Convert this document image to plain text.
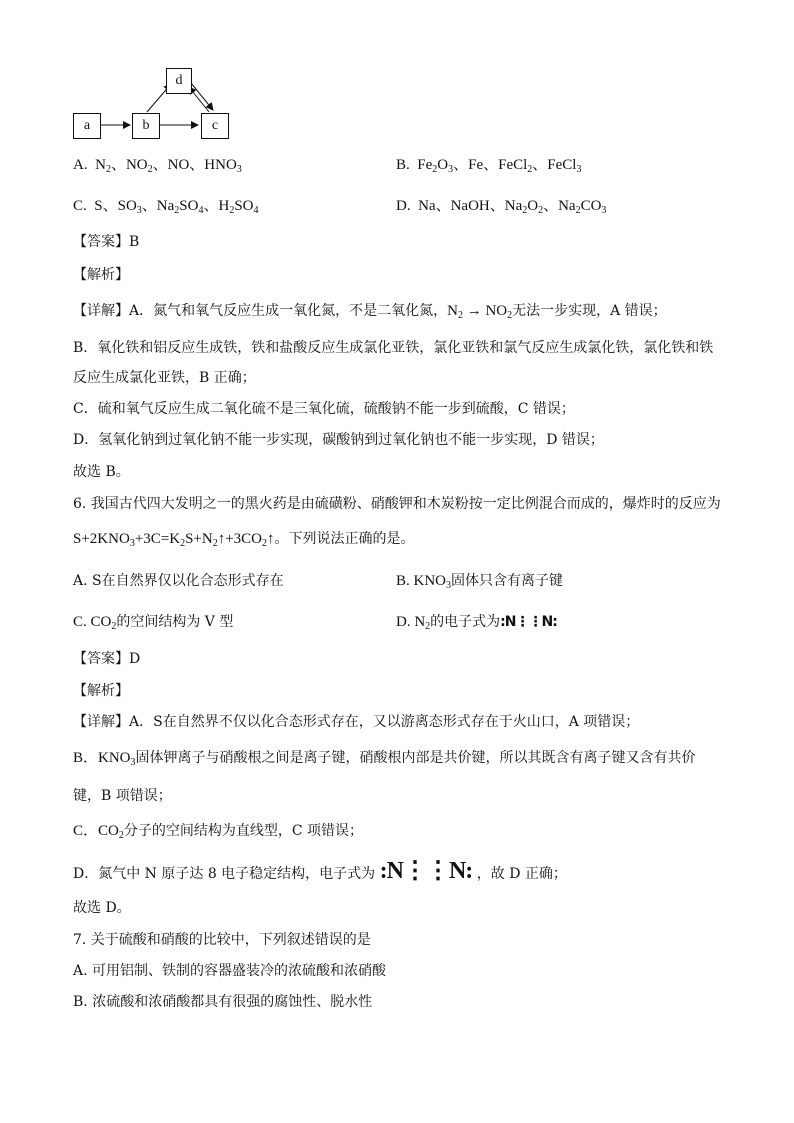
a	b	c
d
A. $N_2$、$NO_2$、NO、$HNO_3$	B. $Fe_2O_3$、Fe、FeCl$_2$、FeCl$_3$
C. S、$SO_3$、$Na_2SO_4$、$H_2SO_4$	D. Na、NaOH、$Na_2O_2$、$Na_2CO_3$
【答案】B
【解析】
【详解】A．氮气和氧气反应生成一氧化氮，不是二氧化氮，$N_2 \to NO_2$无法一步实现，A 错误；
B．氧化铁和铝反应生成铁，铁和盐酸反应生成氯化亚铁，氯化亚铁和氯气反应生成氯化铁，氯化铁和铁
反应生成氯化亚铁，B 正确；
C．硫和氧气反应生成二氧化硫不是三氧化硫，硫酸钠不能一步到硫酸，C 错误；
D．氢氧化钠到过氧化钠不能一步实现，碳酸钠到过氧化钠也不能一步实现，D 错误；
故选 B。
6. 我国古代四大发明之一的黑火药是由硫磺粉、硝酸钾和木炭粉按一定比例混合而成的，爆炸时的反应为
$S+2KNO_3+3C=K_2S+N_2↑+3CO_2↑$。下列说法正确的是。
A. S在自然界仅以化合态形式存在	B. $KNO_3$固体只含有离子键
C. $CO_2$的空间结构为 V 型	D. $N_2$的电子式为:N⋮⋮N:
【答案】D
【解析】
【详解】A．S在自然界不仅以化合态形式存在，又以游离态形式存在于火山口，A 项错误；
B．$KNO_3$固体钾离子与硝酸根之间是离子键，硝酸根内部是共价键，所以其既含有离子键又含有共价
键，B 项错误；
C．$CO_2$分子的空间结构为直线型，C 项错误；
D．氮气中 N 原子达 8 电子稳定结构，电子式为 :N⋮⋮N: ，故 D 正确；
故选 D。
7. 关于硫酸和硝酸的比较中，下列叙述错误的是
A. 可用铝制、铁制的容器盛装冷的浓硫酸和浓硝酸
B. 浓硫酸和浓硝酸都具有很强的腐蚀性、脱水性
